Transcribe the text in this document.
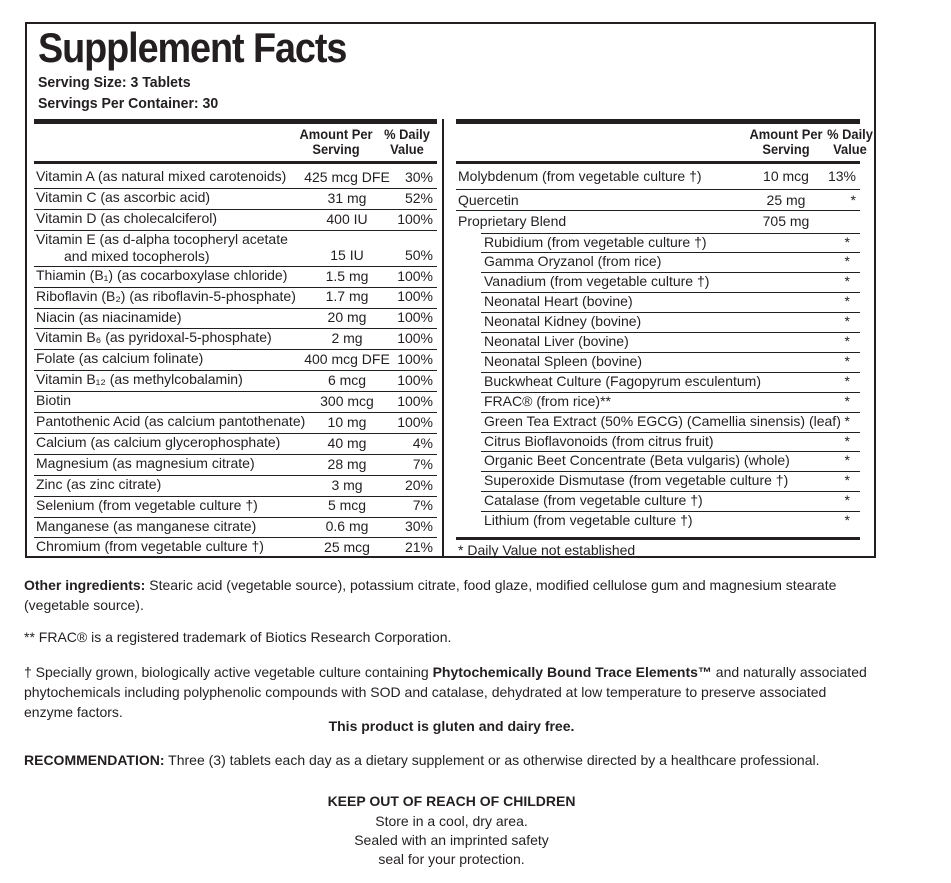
Supplement Facts
Serving Size: 3 Tablets
Servings Per Container: 30
Amount Per
Serving
% Daily
Value
Vitamin A (as natural mixed carotenoids)	425 mcg DFE	30%
Vitamin C (as ascorbic acid)	31 mg	52%
Vitamin D (as cholecalciferol)	400 IU	100%
Vitamin E (as d-alpha tocopheryl acetate
and mixed tocopherols)	15 IU	50%
Thiamin (B₁) (as cocarboxylase chloride)	1.5 mg	100%
Riboflavin (B₂) (as riboflavin-5-phosphate)	1.7 mg	100%
Niacin (as niacinamide)	20 mg	100%
Vitamin B₆ (as pyridoxal-5-phosphate)	2 mg	100%
Folate (as calcium folinate)	400 mcg DFE 100%
Vitamin B₁₂ (as methylcobalamin)	6 mcg	100%
Biotin	300 mcg	100%
Pantothenic Acid (as calcium pantothenate)	10 mg	100%
Calcium (as calcium glycerophosphate)	40 mg	4%
Magnesium (as magnesium citrate)	28 mg	7%
Zinc (as zinc citrate)	3 mg	20%
Selenium (from vegetable culture †)	5 mcg	7%
Manganese (as manganese citrate)	0.6 mg	30%
Chromium (from vegetable culture †)	25 mcg	21%
Amount Per
Serving
% Daily
Value
Molybdenum (from vegetable culture †)	10 mcg	13%
Quercetin	25 mg	*
Proprietary Blend	705 mg
Rubidium (from vegetable culture †)	*
Gamma Oryzanol (from rice)	*
Vanadium (from vegetable culture †)	*
Neonatal Heart (bovine)	*
Neonatal Kidney (bovine)	*
Neonatal Liver (bovine)	*
Neonatal Spleen (bovine)	*
Buckwheat Culture (Fagopyrum esculentum)	*
FRAC® (from rice)**	*
Green Tea Extract (50% EGCG) (Camellia sinensis) (leaf) *
Citrus Bioflavonoids (from citrus fruit)	*
Organic Beet Concentrate (Beta vulgaris) (whole)	*
Superoxide Dismutase (from vegetable culture †)	*
Catalase (from vegetable culture †)	*
Lithium (from vegetable culture †)	*
* Daily Value not established
Other ingredients: Stearic acid (vegetable source), potassium citrate, food glaze, modified cellulose gum and magnesium stearate (vegetable source).
** FRAC® is a registered trademark of Biotics Research Corporation.
† Specially grown, biologically active vegetable culture containing Phytochemically Bound Trace Elements™ and naturally associated phytochemicals including polyphenolic compounds with SOD and catalase, dehydrated at low temperature to preserve associated enzyme factors.
This product is gluten and dairy free.
RECOMMENDATION: Three (3) tablets each day as a dietary supplement or as otherwise directed by a healthcare professional.
KEEP OUT OF REACH OF CHILDREN
Store in a cool, dry area.
Sealed with an imprinted safety
seal for your protection.
